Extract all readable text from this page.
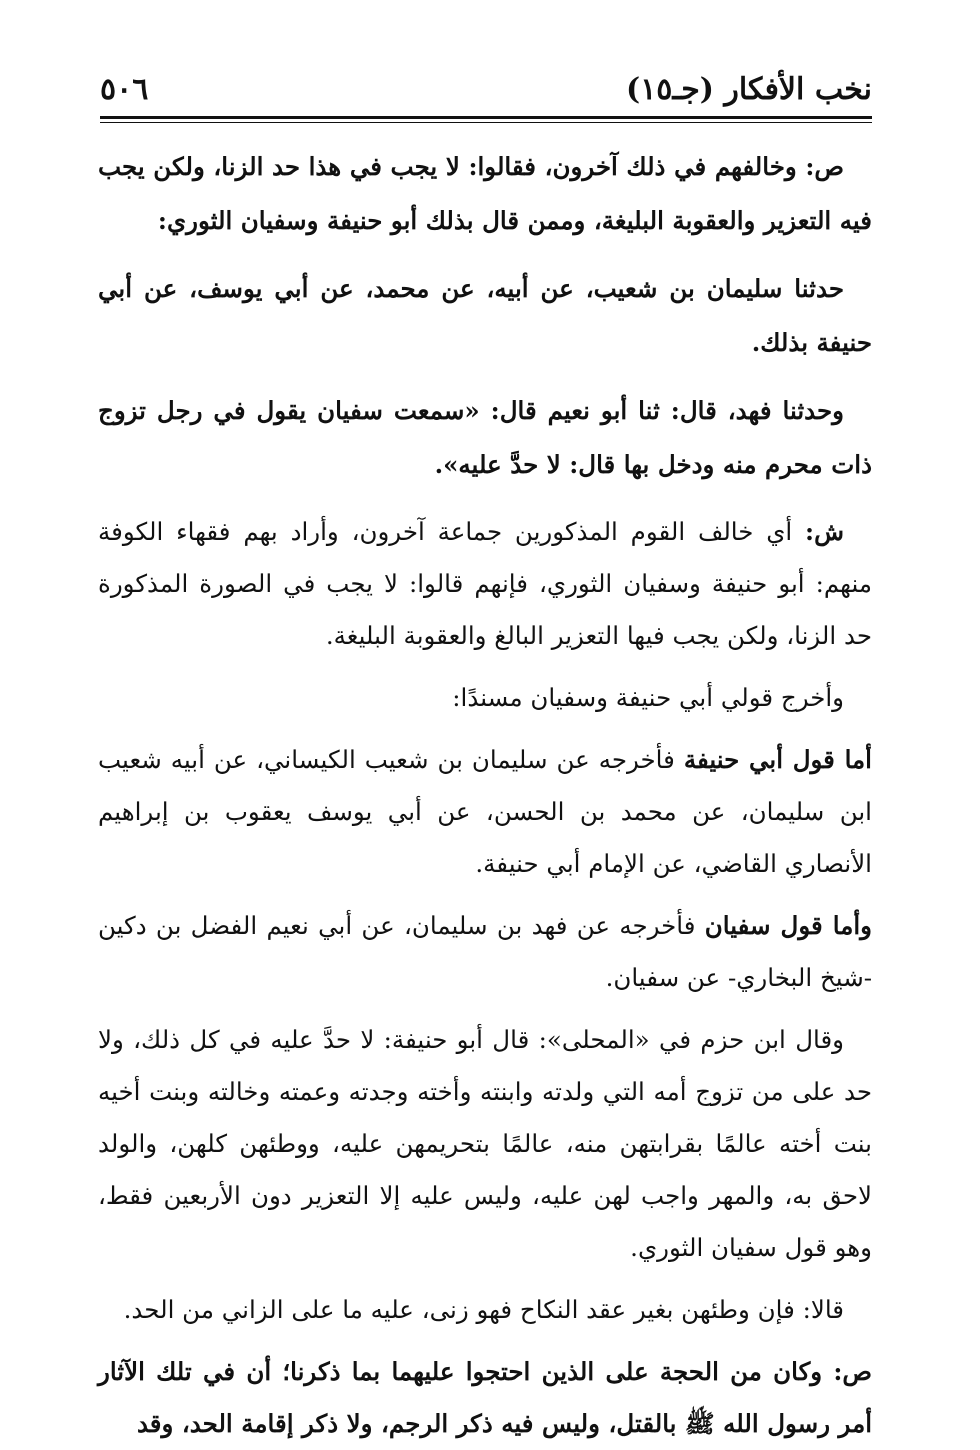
نخب الأفكار (جـ١٥)
٥٠٦

ص: وخالفهم في ذلك آخرون، فقالوا: لا يجب في هذا حد الزنا، ولكن يجب فيه التعزير والعقوبة البليغة، وممن قال بذلك أبو حنيفة وسفيان الثوري:

حدثنا سليمان بن شعيب، عن أبيه، عن محمد، عن أبي يوسف، عن أبي حنيفة بذلك.

وحدثنا فهد، قال: ثنا أبو نعيم قال: «سمعت سفيان يقول في رجل تزوج ذات محرم منه ودخل بها قال: لا حدَّ عليه».

ش: أي خالف القوم المذكورين جماعة آخرون، وأراد بهم فقهاء الكوفة منهم: أبو حنيفة وسفيان الثوري، فإنهم قالوا: لا يجب في الصورة المذكورة حد الزنا، ولكن يجب فيها التعزير البالغ والعقوبة البليغة.

وأخرج قولي أبي حنيفة وسفيان مسندًا:

أما قول أبي حنيفة فأخرجه عن سليمان بن شعيب الكيساني، عن أبيه شعيب ابن سليمان، عن محمد بن الحسن، عن أبي يوسف يعقوب بن إبراهيم الأنصاري القاضي، عن الإمام أبي حنيفة.

وأما قول سفيان فأخرجه عن فهد بن سليمان، عن أبي نعيم الفضل بن دكين -شيخ البخاري- عن سفيان.

وقال ابن حزم في «المحلى»: قال أبو حنيفة: لا حدَّ عليه في كل ذلك، ولا حد على من تزوج أمه التي ولدته وابنته وأخته وجدته وعمته وخالته وبنت أخيه بنت أخته عالمًا بقرابتهن منه، عالمًا بتحريمهن عليه، ووطئهن كلهن، والولد لاحق به، والمهر واجب لهن عليه، وليس عليه إلا التعزير دون الأربعين فقط، وهو قول سفيان الثوري.

قالا: فإن وطئهن بغير عقد النكاح فهو زنى، عليه ما على الزاني من الحد.

ص: وكان من الحجة على الذين احتجوا عليهما بما ذكرنا؛ أن في تلك الآثار أمر رسول الله ﷺ بالقتل، وليس فيه ذكر الرجم، ولا ذكر إقامة الحد، وقد
